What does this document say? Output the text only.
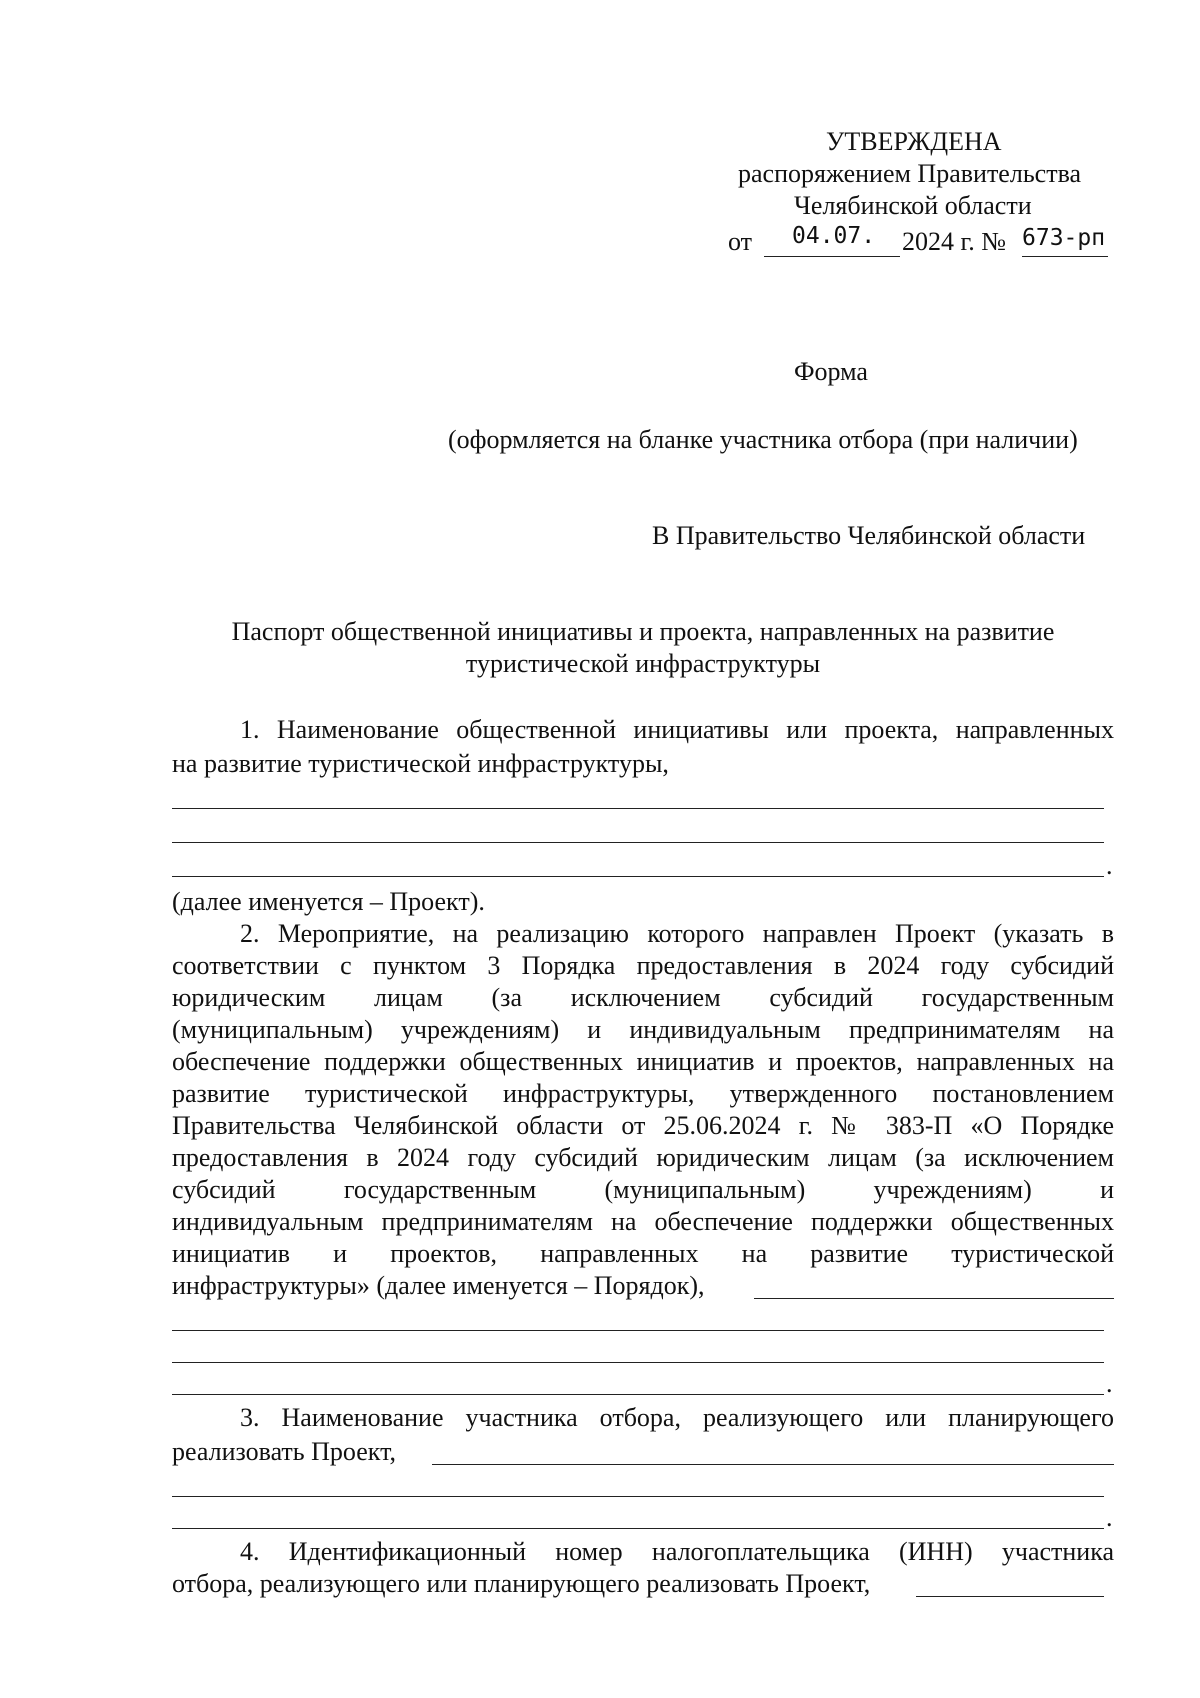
УТВЕРЖДЕНА
распоряжением Правительства
Челябинской области
от 04.07. 2024 г. № 673-рп
Форма
(оформляется на бланке участника отбора (при наличии)
В Правительство Челябинской области
Паспорт общественной инициативы и проекта, направленных на развитие
туристической инфраструктуры
1. Наименование общественной инициативы или проекта, направленных
на развитие туристической инфраструктуры,
.
(далее именуется – Проект).
2. Мероприятие, на реализацию которого направлен Проект (указать в
соответствии с пунктом 3 Порядка предоставления в 2024 году субсидий
юридическим лицам (за исключением субсидий государственным
(муниципальным) учреждениям) и индивидуальным предпринимателям на
обеспечение поддержки общественных инициатив и проектов, направленных на
развитие туристической инфраструктуры, утвержденного постановлением
Правительства Челябинской области от 25.06.2024 г. № 383-П «О Порядке
предоставления в 2024 году субсидий юридическим лицам (за исключением
субсидий государственным (муниципальным) учреждениям) и
индивидуальным предпринимателям на обеспечение поддержки общественных
инициатив и проектов, направленных на развитие туристической
инфраструктуры» (далее именуется – Порядок),
.
3. Наименование участника отбора, реализующего или планирующего
реализовать Проект,
.
4. Идентификационный номер налогоплательщика (ИНН) участника
отбора, реализующего или планирующего реализовать Проект,
